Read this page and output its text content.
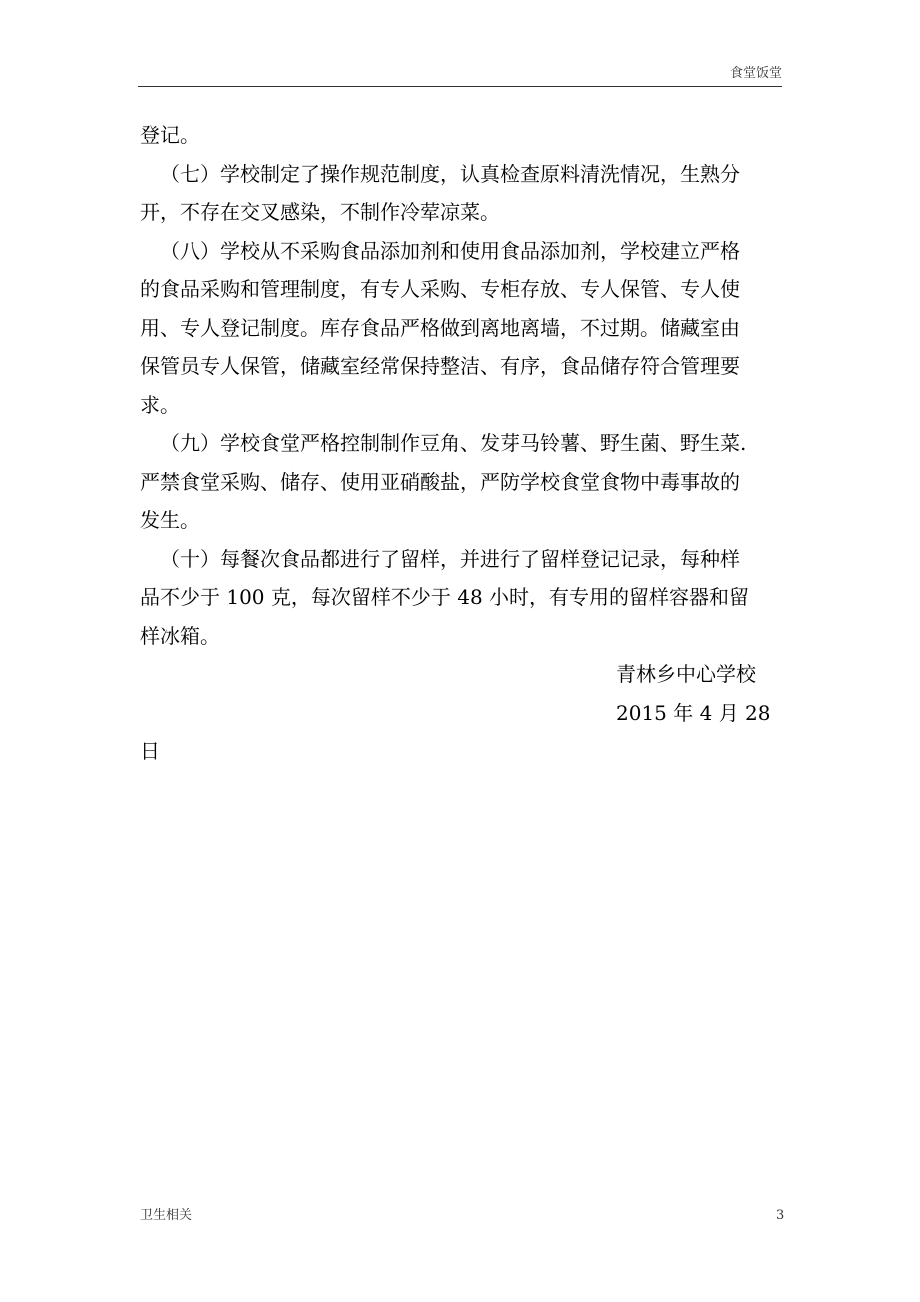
食堂饭堂
登记。
（七）学校制定了操作规范制度，认真检查原料清洗情况，生熟分
开，不存在交叉感染，不制作冷荤凉菜。
（八）学校从不采购食品添加剂和使用食品添加剂，学校建立严格
的食品采购和管理制度，有专人采购、专柜存放、专人保管、专人使
用、专人登记制度。库存食品严格做到离地离墙，不过期。储藏室由
保管员专人保管，储藏室经常保持整洁、有序，食品储存符合管理要
求。
（九）学校食堂严格控制制作豆角、发芽马铃薯、野生菌、野生菜.
严禁食堂采购、储存、使用亚硝酸盐，严防学校食堂食物中毒事故的
发生。
（十）每餐次食品都进行了留样，并进行了留样登记记录，每种样
品不少于 100 克，每次留样不少于 48 小时，有专用的留样容器和留
样冰箱。
青林乡中心学校
2015 年 4 月 28
日
卫生相关	3
